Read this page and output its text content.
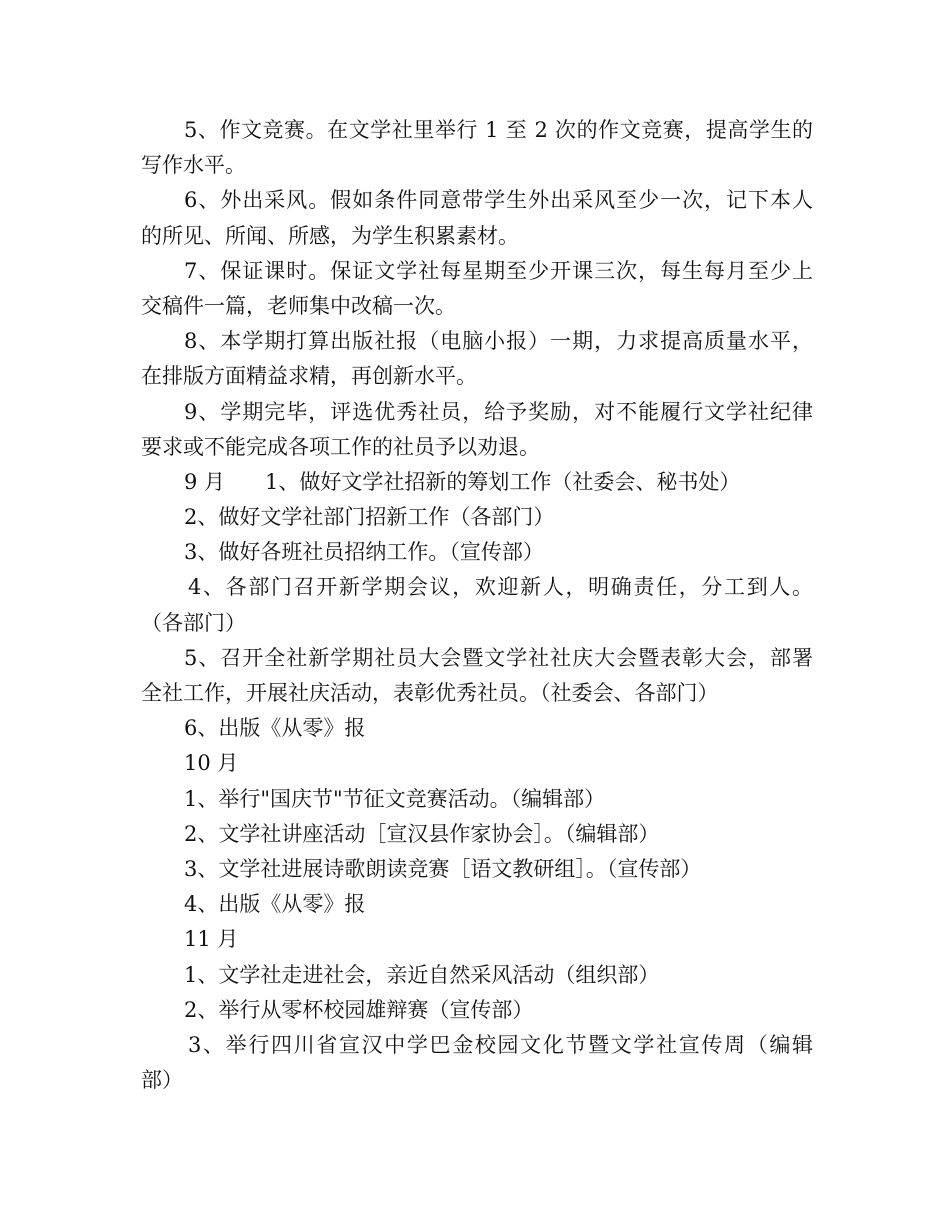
5、作文竞赛。在文学社里举行 1 至 2 次的作文竞赛，提高学生的
写作水平。
6、外出采风。假如条件同意带学生外出采风至少一次，记下本人
的所见、所闻、所感，为学生积累素材。
7、保证课时。保证文学社每星期至少开课三次，每生每月至少上
交稿件一篇，老师集中改稿一次。
8、本学期打算出版社报（电脑小报）一期，力求提高质量水平，
在排版方面精益求精，再创新水平。
9、学期完毕，评选优秀社员，给予奖励，对不能履行文学社纪律
要求或不能完成各项工作的社员予以劝退。
9 月 1、做好文学社招新的筹划工作（社委会、秘书处）
2、做好文学社部门招新工作（各部门）
3、做好各班社员招纳工作。（宣传部）
4、各部门召开新学期会议，欢迎新人，明确责任，分工到人。
（各部门）
5、召开全社新学期社员大会暨文学社社庆大会暨表彰大会，部署
全社工作，开展社庆活动，表彰优秀社员。（社委会、各部门）
6、出版《从零》报
10 月
1、举行"国庆节"节征文竞赛活动。（编辑部）
2、文学社讲座活动［宣汉县作家协会］。（编辑部）
3、文学社进展诗歌朗读竞赛［语文教研组］。（宣传部）
4、出版《从零》报
11 月
1、文学社走进社会，亲近自然采风活动（组织部）
2、举行从零杯校园雄辩赛（宣传部）
3、举行四川省宣汉中学巴金校园文化节暨文学社宣传周（编辑
部）
